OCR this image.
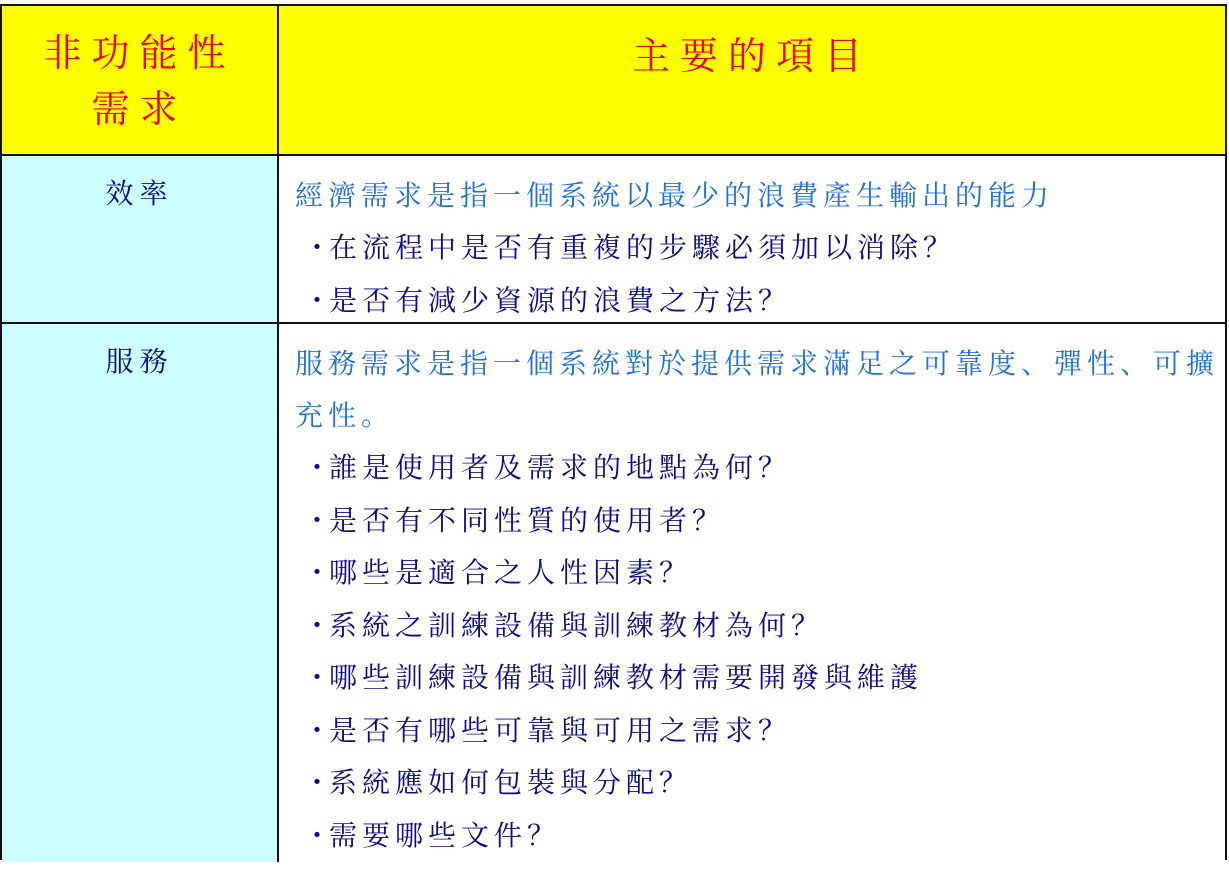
非功能性
需求
主要的項目
效率	經濟需求是指一個系統以最少的浪費產生輸出的能力

・在流程中是否有重複的步驟必須加以消除？
・是否有減少資源的浪費之方法？
服務	服務需求是指一個系統對於提供需求滿足之可靠度、彈性、可擴充性。

・誰是使用者及需求的地點為何？
・是否有不同性質的使用者？
・哪些是適合之人性因素？
・系統之訓練設備與訓練教材為何？
・哪些訓練設備與訓練教材需要開發與維護
・是否有哪些可靠與可用之需求？
・系統應如何包裝與分配？
・需要哪些文件？
